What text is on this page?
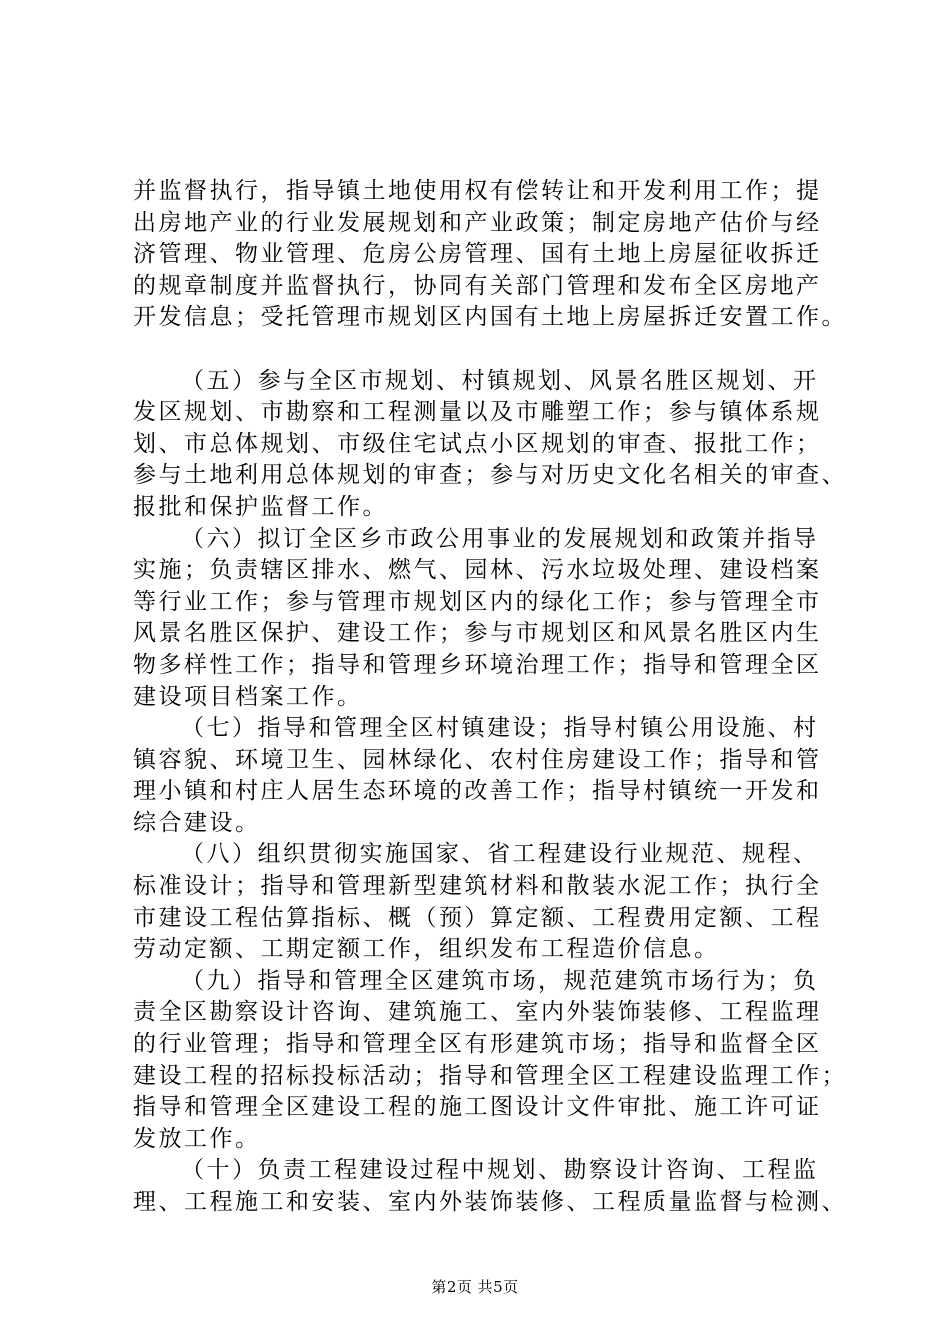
并监督执行，指导镇土地使用权有偿转让和开发利用工作；提
出房地产业的行业发展规划和产业政策；制定房地产估价与经
济管理、物业管理、危房公房管理、国有土地上房屋征收拆迁
的规章制度并监督执行，协同有关部门管理和发布全区房地产
开发信息；受托管理市规划区内国有土地上房屋拆迁安置工作。
（五）参与全区市规划、村镇规划、风景名胜区规划、开
发区规划、市勘察和工程测量以及市雕塑工作；参与镇体系规
划、市总体规划、市级住宅试点小区规划的审查、报批工作；
参与土地利用总体规划的审查；参与对历史文化名相关的审查、
报批和保护监督工作。
（六）拟订全区乡市政公用事业的发展规划和政策并指导
实施；负责辖区排水、燃气、园林、污水垃圾处理、建设档案
等行业工作；参与管理市规划区内的绿化工作；参与管理全市
风景名胜区保护、建设工作；参与市规划区和风景名胜区内生
物多样性工作；指导和管理乡环境治理工作；指导和管理全区
建设项目档案工作。
（七）指导和管理全区村镇建设；指导村镇公用设施、村
镇容貌、环境卫生、园林绿化、农村住房建设工作；指导和管
理小镇和村庄人居生态环境的改善工作；指导村镇统一开发和
综合建设。
（八）组织贯彻实施国家、省工程建设行业规范、规程、
标准设计；指导和管理新型建筑材料和散装水泥工作；执行全
市建设工程估算指标、概（预）算定额、工程费用定额、工程
劳动定额、工期定额工作，组织发布工程造价信息。
（九）指导和管理全区建筑市场，规范建筑市场行为；负
责全区勘察设计咨询、建筑施工、室内外装饰装修、工程监理
的行业管理；指导和管理全区有形建筑市场；指导和监督全区
建设工程的招标投标活动；指导和管理全区工程建设监理工作；
指导和管理全区建设工程的施工图设计文件审批、施工许可证
发放工作。
（十）负责工程建设过程中规划、勘察设计咨询、工程监
理、工程施工和安装、室内外装饰装修、工程质量监督与检测、
第2页 共5页
